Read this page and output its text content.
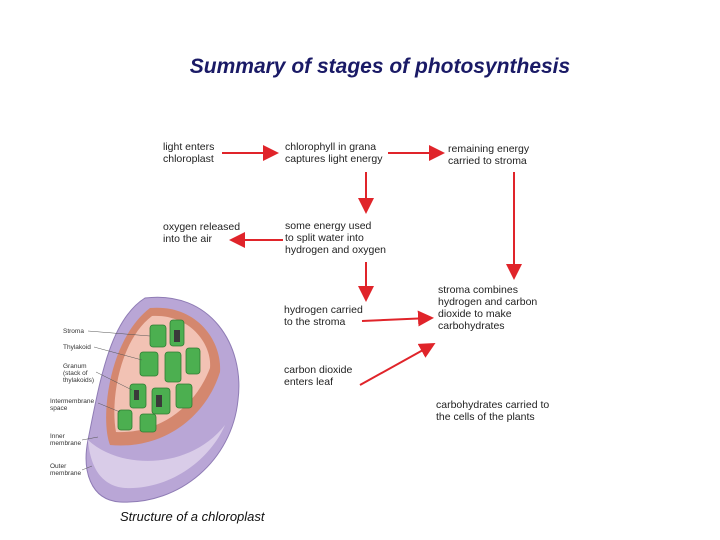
Summary of stages of photosynthesis
light enters
chloroplast
chlorophyll in grana
captures light energy
remaining energy
carried to stroma
oxygen released
into the air
some energy used
to split water into
hydrogen and oxygen
stroma combines
hydrogen and carbon
dioxide to make
carbohydrates
hydrogen carried
to the stroma
carbon dioxide
enters leaf
carbohydrates carried to
the cells of the plants
Stroma
Thylakoid
Granum
(stack of
thylakoids)
Intermembrane
space
Inner
membrane
Outer
membrane
Structure of a chloroplast
